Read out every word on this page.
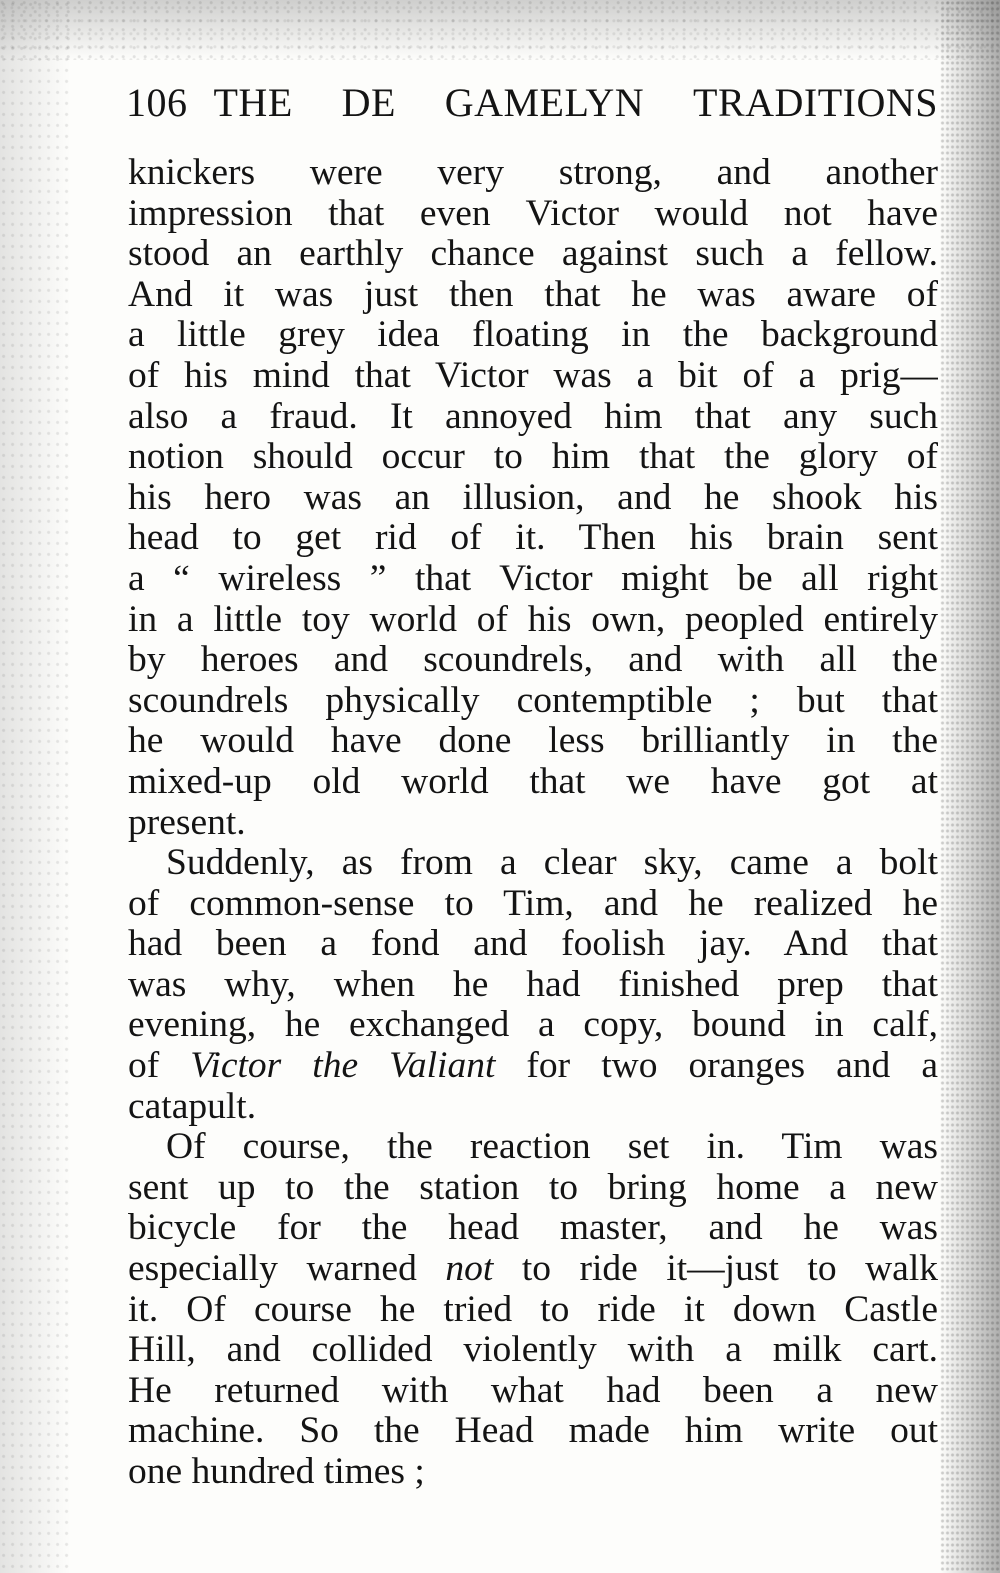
106 THE DE GAMELYN TRADITIONS
knickers were very strong, and another
impression that even Victor would not have
stood an earthly chance against such a fellow.
And it was just then that he was aware of
a little grey idea floating in the background
of his mind that Victor was a bit of a prig—
also a fraud. It annoyed him that any such
notion should occur to him that the glory of
his hero was an illusion, and he shook his
head to get rid of it. Then his brain sent
a “ wireless ” that Victor might be all right
in a little toy world of his own, peopled entirely
by heroes and scoundrels, and with all the
scoundrels physically contemptible ; but that
he would have done less brilliantly in the
mixed-up old world that we have got at
present.
Suddenly, as from a clear sky, came a bolt
of common-sense to Tim, and he realized he
had been a fond and foolish jay. And that
was why, when he had finished prep that
evening, he exchanged a copy, bound in calf,
of Victor the Valiant for two oranges and a
catapult.
Of course, the reaction set in. Tim was
sent up to the station to bring home a new
bicycle for the head master, and he was
especially warned not to ride it—just to walk
it. Of course he tried to ride it down Castle
Hill, and collided violently with a milk cart.
He returned with what had been a new
machine. So the Head made him write out
one hundred times ;
